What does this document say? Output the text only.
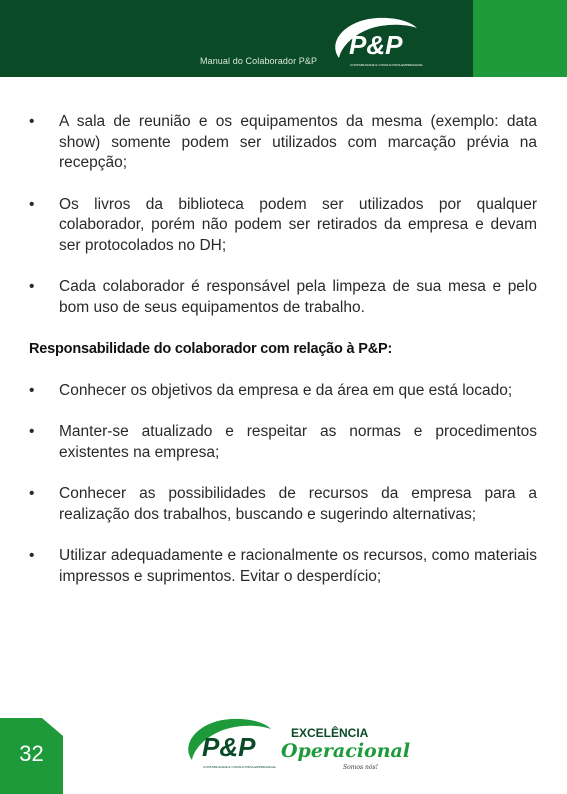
Manual do Colaborador P&P
P&P
CONTABILIDADE E CONSULTORIA EMPRESARIAL
•	A sala de reunião e os equipamentos da mesma (exemplo: data show) somente podem ser utilizados com marcação prévia na recepção;
•	Os livros da biblioteca podem ser utilizados por qualquer colaborador, porém não podem ser retirados da empresa e devam ser protocolados no DH;
•	Cada colaborador é responsável pela limpeza de sua mesa e pelo bom uso de seus equipamentos de trabalho.
Responsabilidade do colaborador com relação à P&P:
•	Conhecer os objetivos da empresa e da área em que está locado;
•	Manter-se atualizado e respeitar as normas e procedimentos existentes na empresa;
•	Conhecer as possibilidades de recursos da empresa para a realização dos trabalhos, buscando e sugerindo alternativas;
•	Utilizar adequadamente e racionalmente os recursos, como materiais impressos e suprimentos. Evitar o desperdício;
32	P&P
CONTABILIDADE E CONSULTORIA EMPRESARIAL
EXCELÊNCIA
Operacional
Somos nós!
